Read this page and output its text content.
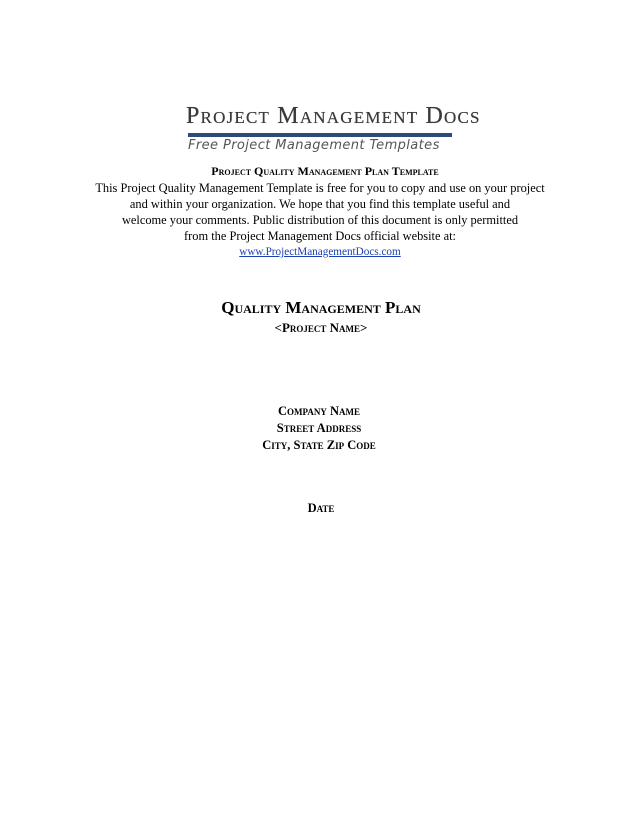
Project Management Docs
Free Project Management Templates
Project Quality Management Plan Template
This Project Quality Management Template is free for you to copy and use on your project
and within your organization. We hope that you find this template useful and
welcome your comments. Public distribution of this document is only permitted
from the Project Management Docs official website at:
www.ProjectManagementDocs.com
Quality Management Plan
<Project Name>
Company Name
Street Address
City, State Zip Code
Date
